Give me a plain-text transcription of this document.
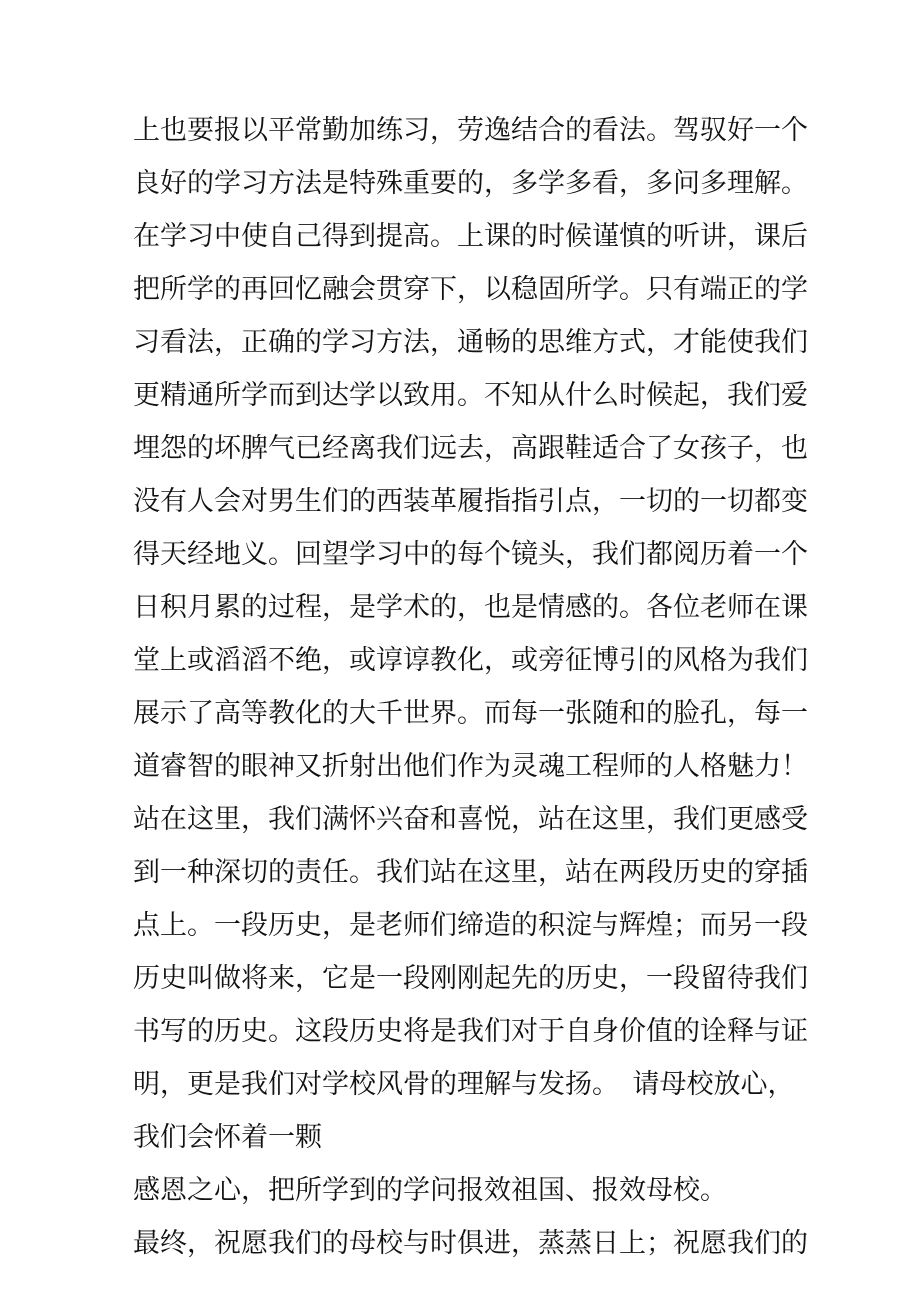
上也要报以平常勤加练习，劳逸结合的看法。驾驭好一个
良好的学习方法是特殊重要的，多学多看，多问多理解。
在学习中使自己得到提高。上课的时候谨慎的听讲，课后
把所学的再回忆融会贯穿下，以稳固所学。只有端正的学
习看法，正确的学习方法，通畅的思维方式，才能使我们
更精通所学而到达学以致用。不知从什么时候起，我们爱
埋怨的坏脾气已经离我们远去，高跟鞋适合了女孩子，也
没有人会对男生们的西装革履指指引点，一切的一切都变
得天经地义。回望学习中的每个镜头，我们都阅历着一个
日积月累的过程，是学术的，也是情感的。各位老师在课
堂上或滔滔不绝，或谆谆教化，或旁征博引的风格为我们
展示了高等教化的大千世界。而每一张随和的脸孔，每一
道睿智的眼神又折射出他们作为灵魂工程师的人格魅力！
站在这里，我们满怀兴奋和喜悦，站在这里，我们更感受
到一种深切的责任。我们站在这里，站在两段历史的穿插
点上。一段历史，是老师们缔造的积淀与辉煌；而另一段
历史叫做将来，它是一段刚刚起先的历史，一段留待我们
书写的历史。这段历史将是我们对于自身价值的诠释与证
明，更是我们对学校风骨的理解与发扬。　请母校放心，
我们会怀着一颗
感恩之心，把所学到的学问报效祖国、报效母校。
最终，祝愿我们的母校与时俱进，蒸蒸日上；祝愿我们的
